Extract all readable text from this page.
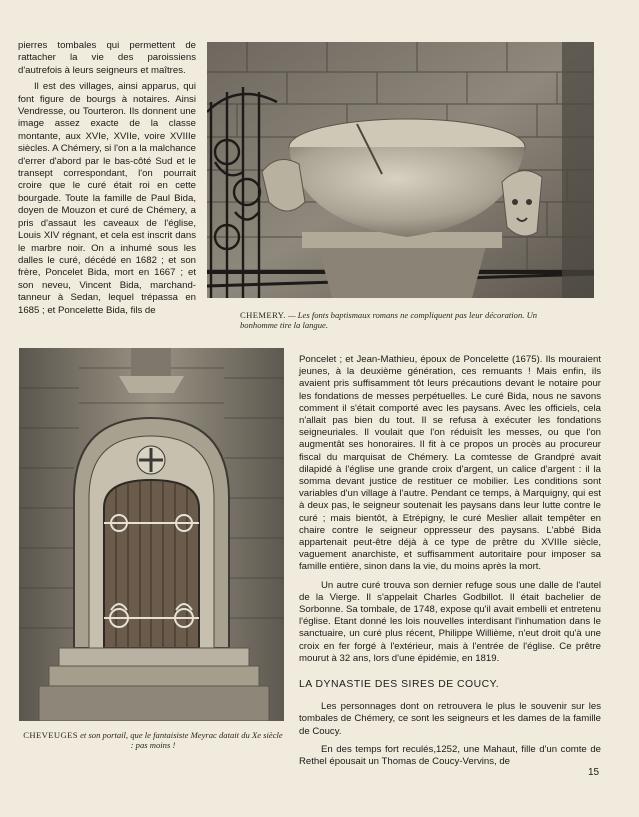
pierres tombales qui permettent de rattacher la vie des paroissiens d'autrefois à leurs seigneurs et maîtres.

Il est des villages, ainsi apparus, qui font figure de bourgs à notaires. Ainsi Vendresse, ou Tourteron. Ils donnent une image assez exacte de la classe montante, aux XVIe, XVIIe, voire XVIIIe siècles. A Chémery, si l'on a la malchance d'errer d'abord par le bas-côté Sud et le transept correspondant, l'on pourrait croire que le curé était roi en cette bourgade. Toute la famille de Paul Bida, doyen de Mouzon et curé de Chémery, a pris d'assaut les caveaux de l'église, Louis XIV régnant, et cela est inscrit dans le marbre noir. On a inhumé sous les dalles le curé, décédé en 1682 ; et son frère, Poncelet Bida, mort en 1667 ; et son neveu, Vincent Bida, marchand-tanneur à Sedan, lequel trépassa en 1685 ; et Poncelette Bida, fils de	CHEMERY. — Les fonts baptismaux romans ne compliquent pas leur décoration. Un bonhomme tire la langue.
CHEVEUGES et son portail, que le fantaisiste Meyrac datait du Xe siècle : pas moins !

Poncelet ; et Jean-Mathieu, époux de Poncelette (1675). Ils mouraient jeunes, à la deuxième génération, ces remuants ! Mais enfin, ils avaient pris suffisamment tôt leurs précautions devant le notaire pour les fondations de messes perpétuelles. Le curé Bida, nous ne savons comment il s'était comporté avec les paysans. Avec les officiels, cela n'allait pas bien du tout. Il se refusa à exécuter les fondations seigneuriales. Il voulait que l'on réduisît les messes, ou que l'on augmentât ses honoraires. Il fit à ce propos un procès au procureur fiscal du marquisat de Chémery. La comtesse de Grandpré avait dilapidé à l'église une grande croix d'argent, un calice d'argent : il la somma devant justice de restituer ce mobilier. Les conditions sont variables d'un village à l'autre. Pendant ce temps, à Marquigny, qui est à deux pas, le seigneur soutenait les paysans dans leur lutte contre le curé ; mais bientôt, à Etrépigny, le curé Meslier allait tempêter en chaire contre le seigneur oppresseur des paysans. L'abbé Bida appartenait peut-être déjà à ce type de prêtre du XVIIIe siècle, vaguement anarchiste, et suffisamment autoritaire pour imposer sa famille entière, sinon dans la vie, du moins après la mort.

Un autre curé trouva son dernier refuge sous une dalle de l'autel de la Vierge. Il s'appelait Charles Godbillot. Il était bachelier de Sorbonne. Sa tombale, de 1748, expose qu'il avait embelli et entretenu l'église. Etant donné les lois nouvelles interdisant l'inhumation dans le sanctuaire, un curé plus récent, Philippe Willième, n'eut droit qu'à une croix en fer forgé à l'extérieur, mais à l'entrée de l'église. Ce prêtre mourut à 32 ans, lors d'une épidémie, en 1819.

LA DYNASTIE DES SIRES DE COUCY.

Les personnages dont on retrouvera le plus le souvenir sur les tombales de Chémery, ce sont les seigneurs et les dames de la famille de Coucy.

En des temps fort reculés,1252, une Mahaut, fille d'un comte de Rethel épousait un Thomas de Coucy-Vervins, de

15
